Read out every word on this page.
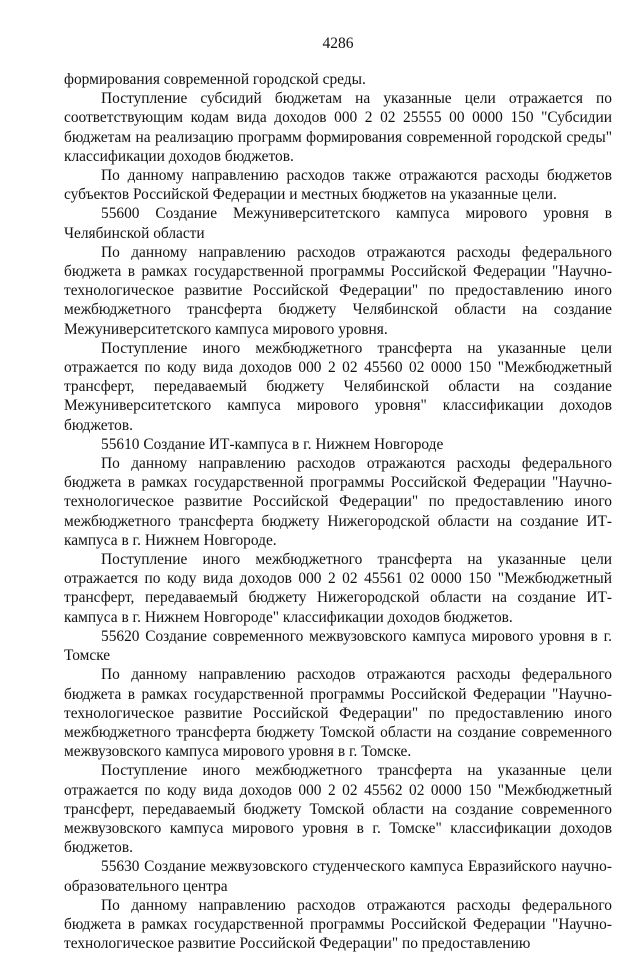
4286

формирования современной городской среды.

Поступление субсидий бюджетам на указанные цели отражается по соответствующим кодам вида доходов 000 2 02 25555 00 0000 150 "Субсидии бюджетам на реализацию программ формирования современной городской среды" классификации доходов бюджетов.

По данному направлению расходов также отражаются расходы бюджетов субъектов Российской Федерации и местных бюджетов на указанные цели.

55600 Создание Межуниверситетского кампуса мирового уровня в Челябинской области

По данному направлению расходов отражаются расходы федерального бюджета в рамках государственной программы Российской Федерации "Научно-технологическое развитие Российской Федерации" по предоставлению иного межбюджетного трансферта бюджету Челябинской области на создание Межуниверситетского кампуса мирового уровня.

Поступление иного межбюджетного трансферта на указанные цели отражается по коду вида доходов 000 2 02 45560 02 0000 150 "Межбюджетный трансферт, передаваемый бюджету Челябинской области на создание Межуниверситетского кампуса мирового уровня" классификации доходов бюджетов.

55610 Создание ИТ-кампуса в г. Нижнем Новгороде

По данному направлению расходов отражаются расходы федерального бюджета в рамках государственной программы Российской Федерации "Научно-технологическое развитие Российской Федерации" по предоставлению иного межбюджетного трансферта бюджету Нижегородской области на создание ИТ-кампуса в г. Нижнем Новгороде.

Поступление иного межбюджетного трансферта на указанные цели отражается по коду вида доходов 000 2 02 45561 02 0000 150 "Межбюджетный трансферт, передаваемый бюджету Нижегородской области на создание ИТ-кампуса в г. Нижнем Новгороде" классификации доходов бюджетов.

55620 Создание современного межвузовского кампуса мирового уровня в г. Томске

По данному направлению расходов отражаются расходы федерального бюджета в рамках государственной программы Российской Федерации "Научно-технологическое развитие Российской Федерации" по предоставлению иного межбюджетного трансферта бюджету Томской области на создание современного межвузовского кампуса мирового уровня в г. Томске.

Поступление иного межбюджетного трансферта на указанные цели отражается по коду вида доходов 000 2 02 45562 02 0000 150 "Межбюджетный трансферт, передаваемый бюджету Томской области на создание современного межвузовского кампуса мирового уровня в г. Томске" классификации доходов бюджетов.

55630 Создание межвузовского студенческого кампуса Евразийского научно-образовательного центра

По данному направлению расходов отражаются расходы федерального бюджета в рамках государственной программы Российской Федерации "Научно-технологическое развитие Российской Федерации" по предоставлению
